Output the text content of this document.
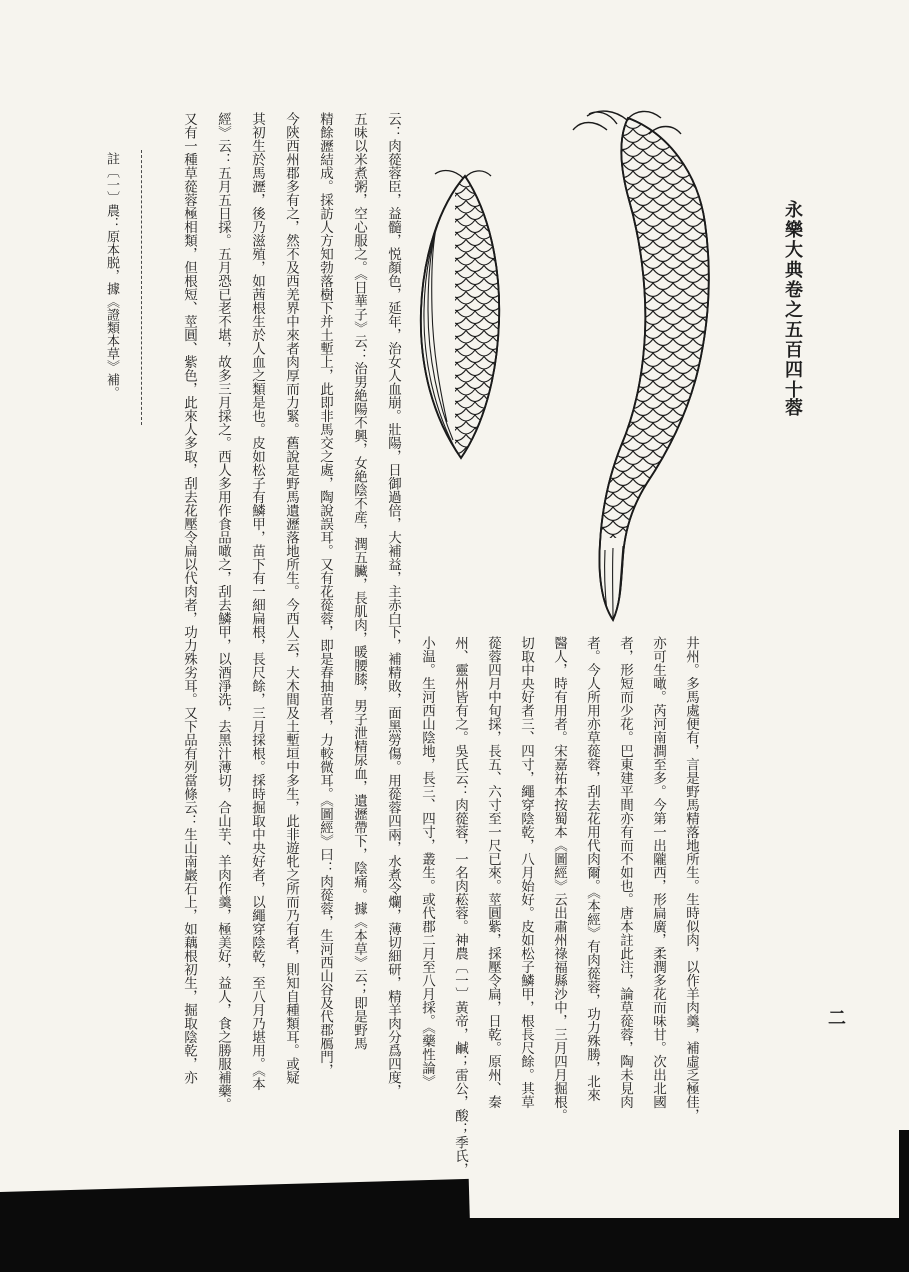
永樂大典卷之五百四十
蓉
二

井州。多馬處便有，言是野馬精落地所生。生時似肉，以作羊肉羹，補虛乏極佳，

亦可生噉。芮河南澗至多。今第一出隴西，形扁廣，柔潤多花而味甘。次出北國

者，形短而少花。巴東建平間亦有而不如也。唐本註此注，論草蓯蓉，陶未見肉

者。今人所用亦草蓯蓉，刮去花用代肉爾。《本經》有肉蓯蓉，功力殊勝，北來

醫人，時有用者。宋嘉祐本按蜀本《圖經》云出肅州祿福縣沙中，三月四月掘根。

切取中央好者三、四寸，繩穿陰乾，八月始好。皮如松子鱗甲，根長尺餘。其草

蓯蓉四月中旬採，長五、六寸至一尺已來。莖圓紫，採壓令扁，日乾。原州、秦

州、靈州皆有之。吳氏云：肉蓯蓉，一名肉菘蓉。神農〔一〕黃帝，鹹；雷公，酸；季氏，

小温。生河西山陰地，長三、四寸，叢生。或代郡二月至八月採。《藥性論》

云：肉蓯蓉臣，益髓，悦顏色，延年，治女人血崩。壯陽，日御過倍，大補益，主赤白下，補精敗，面黑勞傷。用蓯蓉四兩，水煮令爛，薄切細研，精羊肉分爲四度，

五味以米煮粥，空心服之。《日華子》云：治男絶陽不興，女絶陰不産，潤五臟，長肌肉，暖腰膝，男子泄精尿血，遺瀝帶下，陰痛。據《本草》云；即是野馬

精餘瀝結成。採訪人方知勃落樹下并土塹上，此即非馬交之處，陶說誤耳。又有花蓯蓉，即是春抽苗者，力較微耳。《圖經》曰：肉蓯蓉，生河西山谷及代郡鴈門，

今陝西州郡多有之，然不及西羌界中來者肉厚而力緊。舊說是野馬遺瀝落地所生。今西人云，大木間及土塹垣中多生，此非遊牝之所而乃有者，則知自種類耳。或疑

其初生於馬瀝，後乃滋殖，如茜根生於人血之類是也。皮如松子有鱗甲，苗下有一細扁根，長尺餘，三月採根。採時掘取中央好者，以繩穿陰乾，至八月乃堪用。《本

經》云：五月五日採。五月恐已老不堪，故多三月採之。西人多用作食品噉之，刮去鱗甲，以酒淨洗，去黑汁薄切，合山芋、羊肉作羹，極美好，益人，食之勝服補藥。

又有一種草蓯蓉極相類，但根短、莖圓、紫色，此來人多取，刮去花壓令扁以代肉者，功力殊劣耳。又下品有列當條云：生山南巖石上，如藕根初生，掘取陰乾，亦

註〔一〕農：原本脱，據《證類本草》補。
